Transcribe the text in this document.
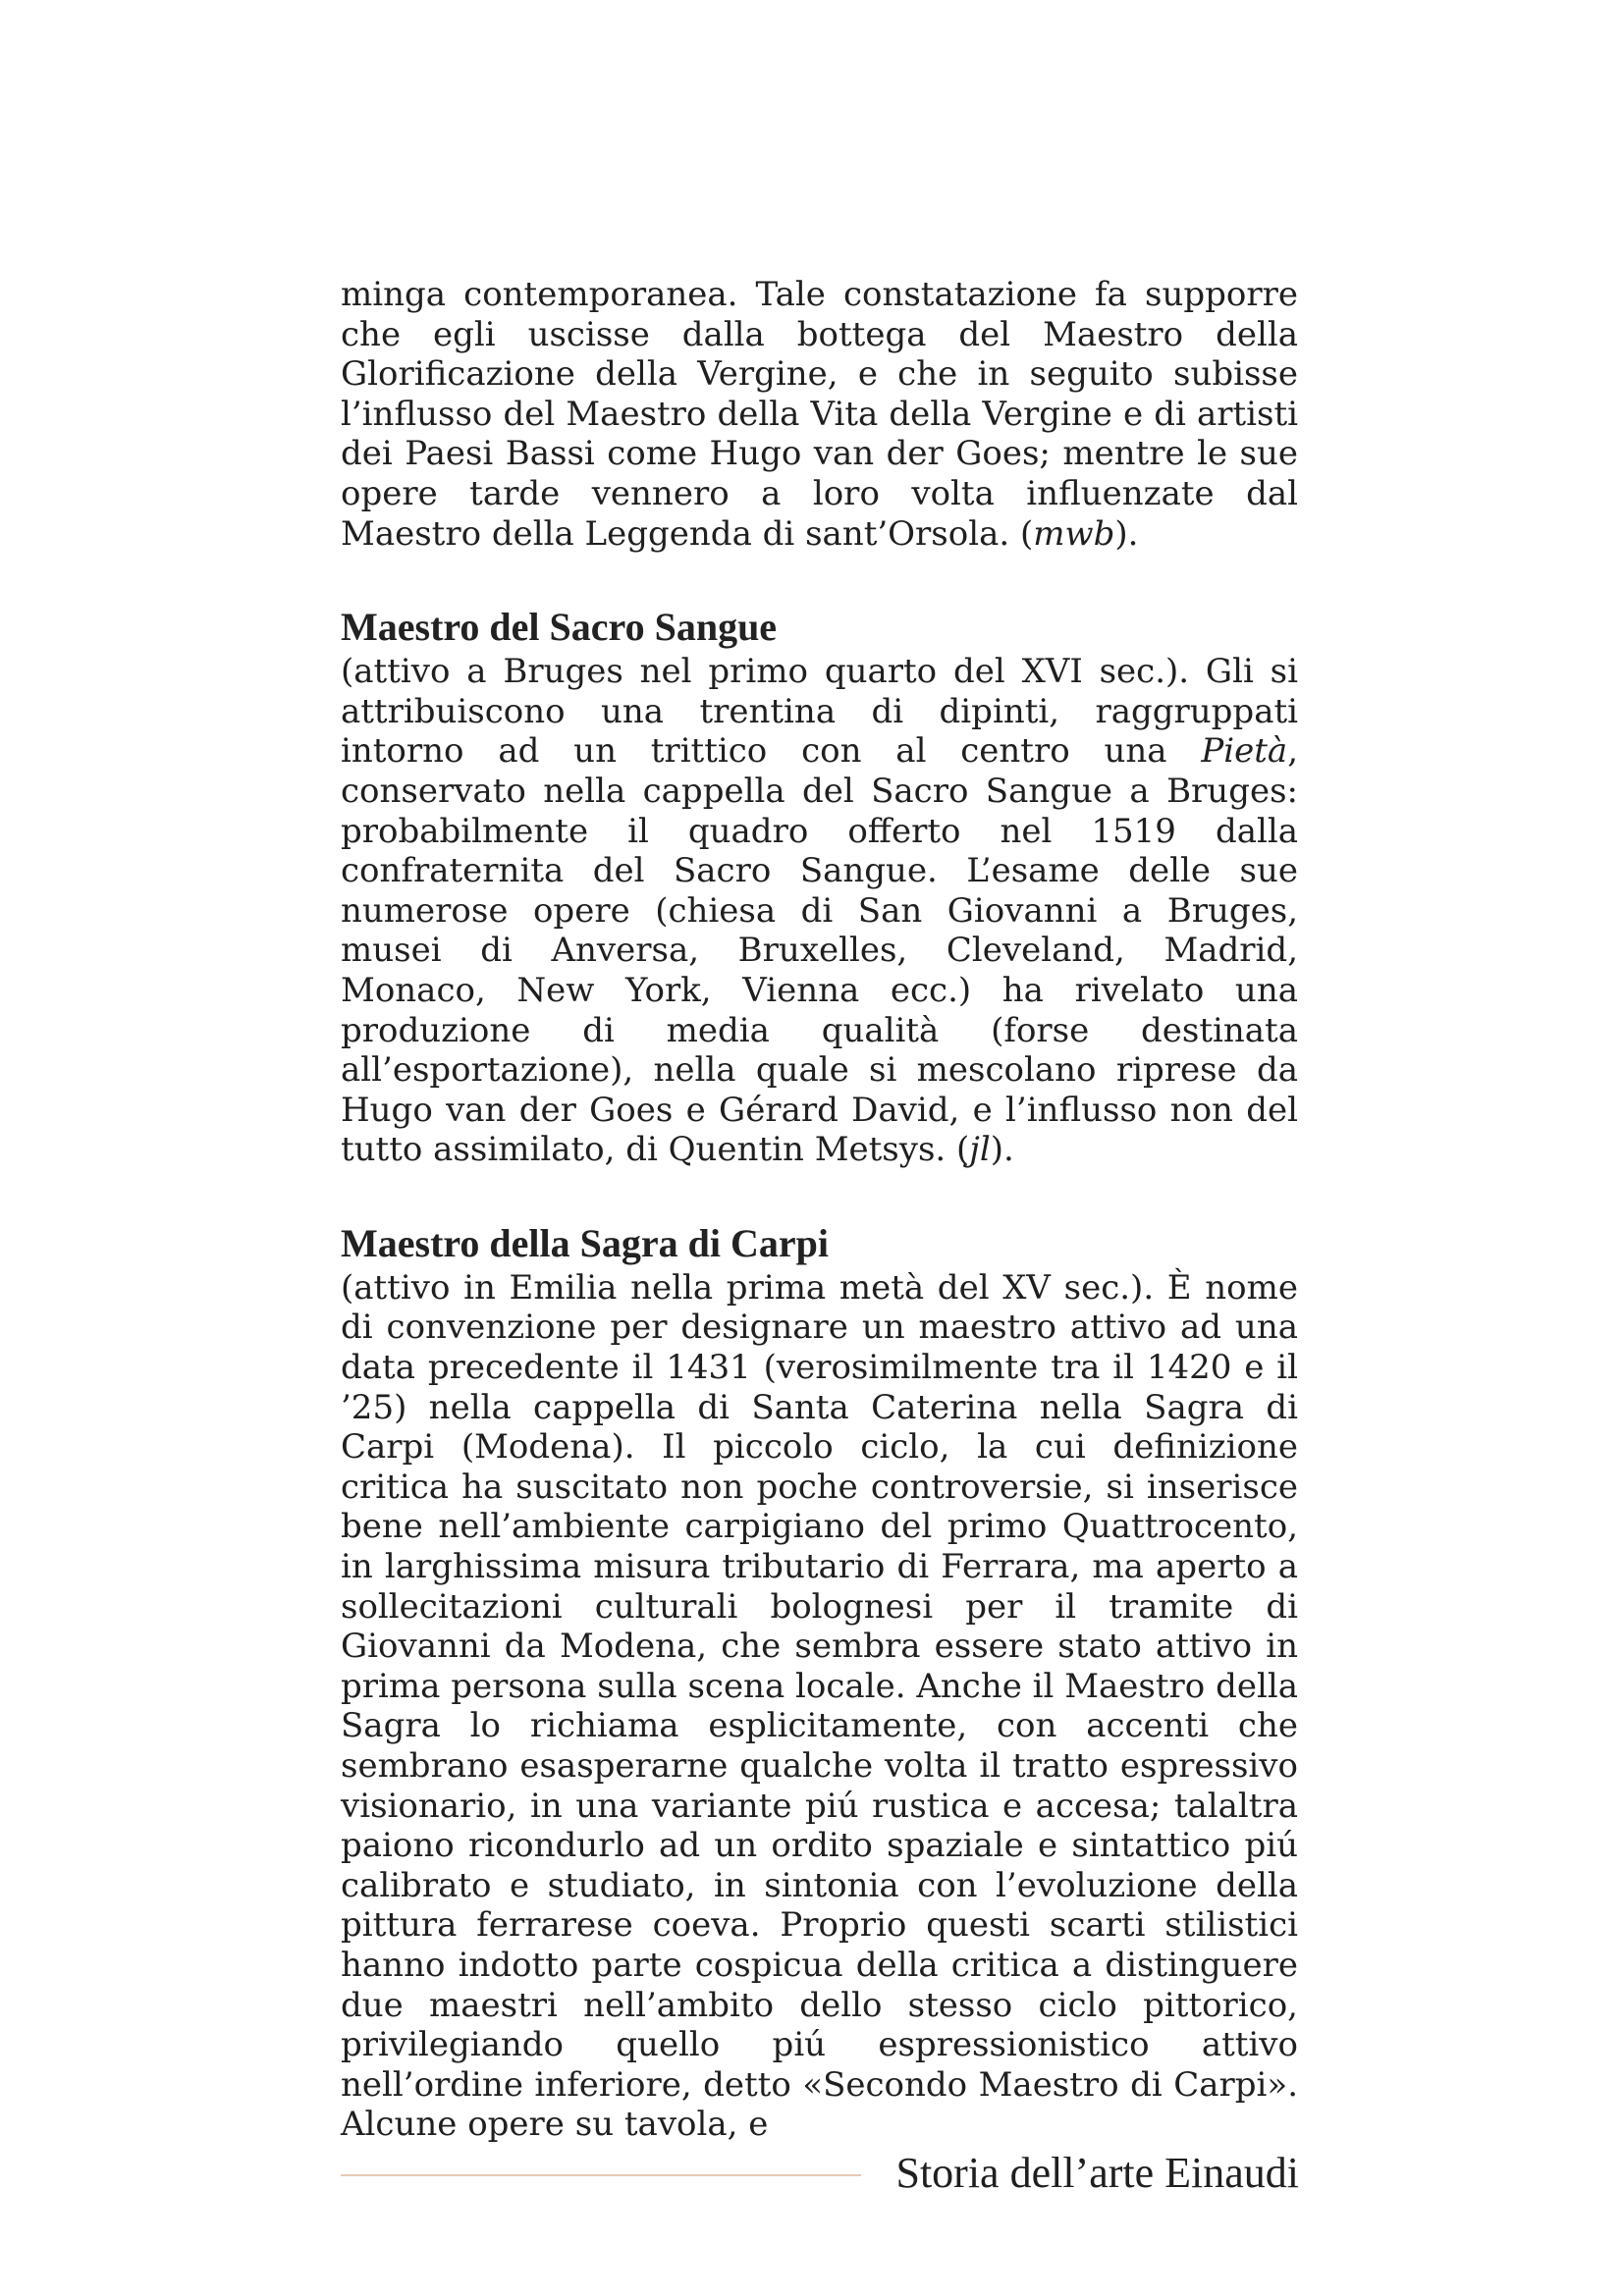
minga contemporanea. Tale constatazione fa supporre che egli uscisse dalla bottega del Maestro della Glorificazione della Vergine, e che in seguito subisse l’influsso del Maestro della Vita della Vergine e di artisti dei Paesi Bassi come Hugo van der Goes; mentre le sue opere tarde vennero a loro volta influenzate dal Maestro della Leggenda di sant’Orsola. (mwb).

Maestro del Sacro Sangue

(attivo a Bruges nel primo quarto del XVI sec.). Gli si attribuiscono una trentina di dipinti, raggruppati intorno ad un trittico con al centro una Pietà, conservato nella cappella del Sacro Sangue a Bruges: probabilmente il quadro offerto nel 1519 dalla confraternita del Sacro Sangue. L’esame delle sue numerose opere (chiesa di San Giovanni a Bruges, musei di Anversa, Bruxelles, Cleveland, Madrid, Monaco, New York, Vienna ecc.) ha rivelato una produzione di media qualità (forse destinata all’esportazione), nella quale si mescolano riprese da Hugo van der Goes e Gérard David, e l’influsso non del tutto assimilato, di Quentin Metsys. (jl).

Maestro della Sagra di Carpi

(attivo in Emilia nella prima metà del XV sec.). È nome di convenzione per designare un maestro attivo ad una data precedente il 1431 (verosimilmente tra il 1420 e il ’25) nella cappella di Santa Caterina nella Sagra di Carpi (Modena). Il piccolo ciclo, la cui definizione critica ha suscitato non poche controversie, si inserisce bene nell’ambiente carpigiano del primo Quattrocento, in larghissima misura tributario di Ferrara, ma aperto a sollecitazioni culturali bolognesi per il tramite di Giovanni da Modena, che sembra essere stato attivo in prima persona sulla scena locale. Anche il Maestro della Sagra lo richiama esplicitamente, con accenti che sembrano esasperarne qualche volta il tratto espressivo visionario, in una variante piú rustica e accesa; talaltra paiono ricondurlo ad un ordito spaziale e sintattico piú calibrato e studiato, in sintonia con l’evoluzione della pittura ferrarese coeva. Proprio questi scarti stilistici hanno indotto parte cospicua della critica a distinguere due maestri nell’ambito dello stesso ciclo pittorico, privilegiando quello piú espressionistico attivo nell’ordine inferiore, detto «Secondo Maestro di Carpi». Alcune opere su tavola, e

Storia dell’arte Einaudi
